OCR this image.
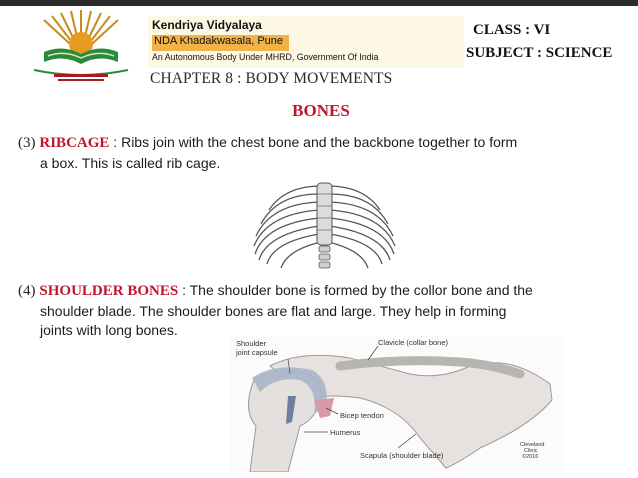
Kendriya Vidyalaya
NDA Khadakwasala, Pune
An Autonomous Body Under MHRD, Government Of India
CLASS : VI
SUBJECT : SCIENCE
CHAPTER 8 : BODY MOVEMENTS
BONES
(3) RIBCAGE : Ribs join with the chest bone and the backbone together to form
a box. This is called rib cage.
(4) SHOULDER BONES : The shoulder bone is formed by the collor bone and the
shoulder blade. The shoulder bones are flat and large. They help in forming
joints with long bones.
Shoulder
joint capsule
Clavicle (collar bone)
Bicep tendon
Humerus
Scapula (shoulder blade)
Cleveland
Clinic
©2016
